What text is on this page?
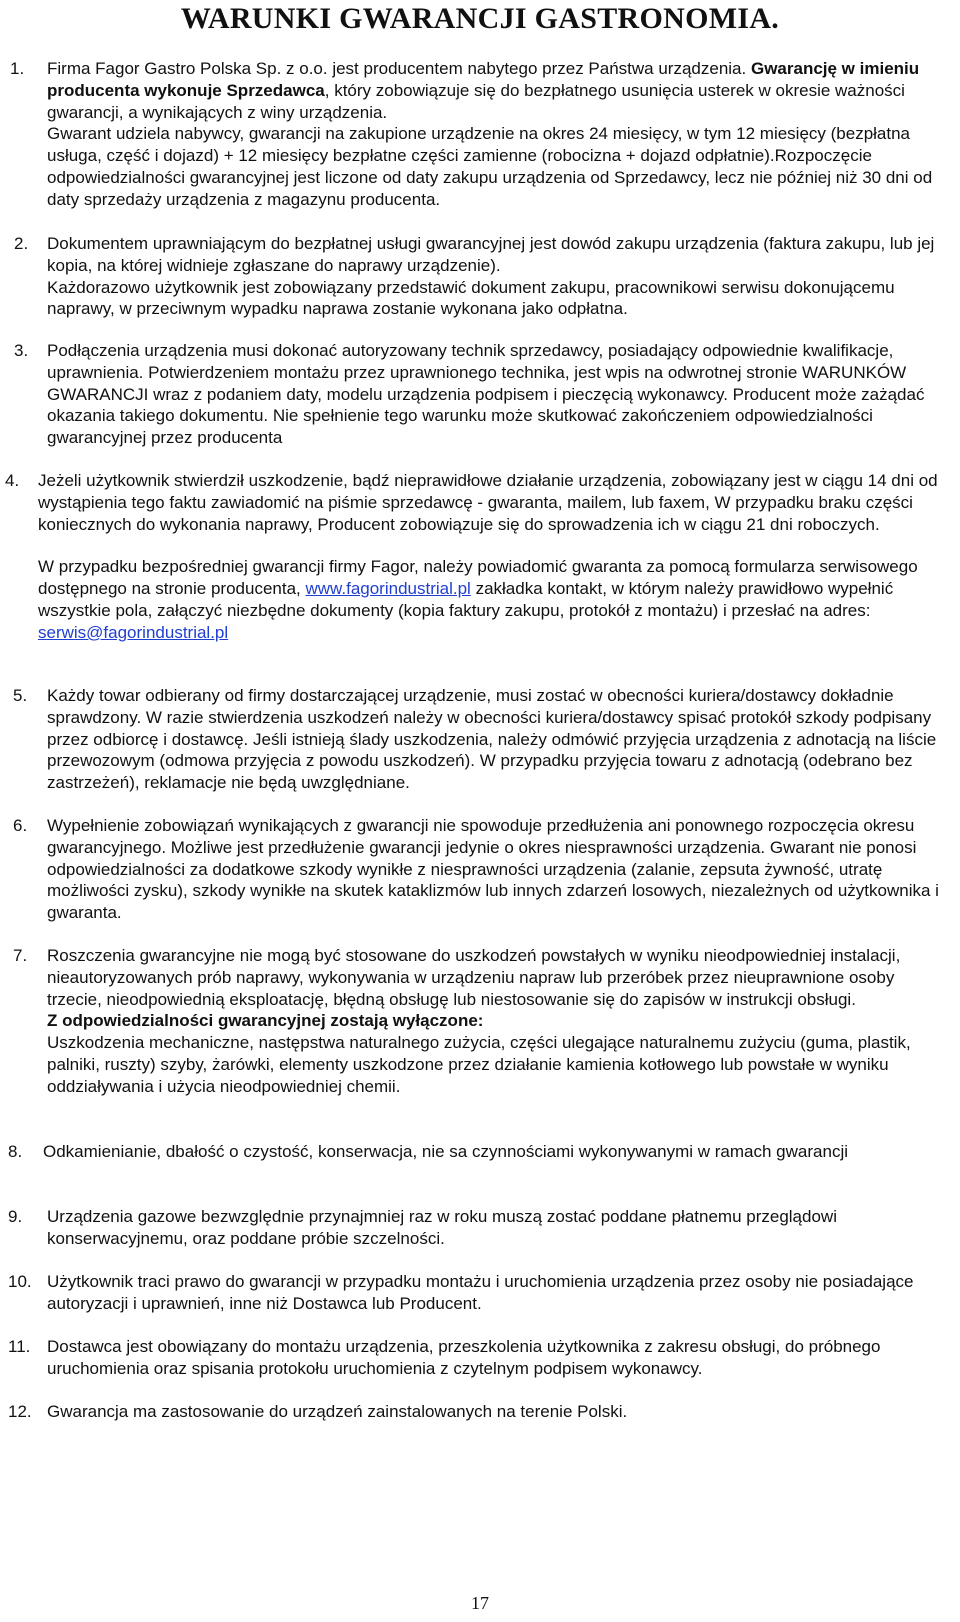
WARUNKI GWARANCJI GASTRONOMIA.
1. Firma Fagor Gastro Polska Sp. z o.o. jest producentem nabytego przez Państwa urządzenia. Gwarancję w imieniu producenta wykonuje Sprzedawca, który zobowiązuje się do bezpłatnego usunięcia usterek w okresie ważności gwarancji, a wynikających z winy urządzenia.

Gwarant udziela nabywcy, gwarancji na zakupione urządzenie na okres 24 miesięcy, w tym 12 miesięcy (bezpłatna usługa, część i dojazd) + 12 miesięcy bezpłatne części zamienne (robocizna + dojazd odpłatnie).Rozpoczęcie odpowiedzialności gwarancyjnej jest liczone od daty zakupu urządzenia od Sprzedawcy, lecz nie później niż 30 dni od daty sprzedaży urządzenia z magazynu producenta.

2. Dokumentem uprawniającym do bezpłatnej usługi gwarancyjnej jest dowód zakupu urządzenia (faktura zakupu, lub jej kopia, na której widnieje zgłaszane do naprawy urządzenie).

Każdorazowo użytkownik jest zobowiązany przedstawić dokument zakupu, pracownikowi serwisu dokonującemu naprawy, w przeciwnym wypadku naprawa zostanie wykonana jako odpłatna.

3. Podłączenia urządzenia musi dokonać autoryzowany technik sprzedawcy, posiadający odpowiednie kwalifikacje, uprawnienia. Potwierdzeniem montażu przez uprawnionego technika, jest wpis na odwrotnej stronie WARUNKÓW GWARANCJI wraz z podaniem daty, modelu urządzenia podpisem i pieczęcią wykonawcy. Producent może zażądać okazania takiego dokumentu. Nie spełnienie tego warunku może skutkować zakończeniem odpowiedzialności gwarancyjnej przez producenta

4. Jeżeli użytkownik stwierdził uszkodzenie, bądź nieprawidłowe działanie urządzenia, zobowiązany jest w ciągu 14 dni od wystąpienia tego faktu zawiadomić na piśmie sprzedawcę - gwaranta, mailem, lub faxem, W przypadku braku części koniecznych do wykonania naprawy, Producent zobowiązuje się do sprowadzenia ich w ciągu 21 dni roboczych.

W przypadku bezpośredniej gwarancji firmy Fagor, należy powiadomić gwaranta za pomocą formularza serwisowego dostępnego na stronie producenta, www.fagorindustrial.pl zakładka kontakt, w którym należy prawidłowo wypełnić wszystkie pola, załączyć niezbędne dokumenty (kopia faktury zakupu, protokół z montażu) i przesłać na adres: serwis@fagorindustrial.pl

5. Każdy towar odbierany od firmy dostarczającej urządzenie, musi zostać w obecności kuriera/dostawcy dokładnie sprawdzony. W razie stwierdzenia uszkodzeń należy w obecności kuriera/dostawcy spisać protokół szkody podpisany przez odbiorcę i dostawcę. Jeśli istnieją ślady uszkodzenia, należy odmówić przyjęcia urządzenia z adnotacją na liście przewozowym (odmowa przyjęcia z powodu uszkodzeń). W przypadku przyjęcia towaru z adnotacją (odebrano bez zastrzeżeń), reklamacje nie będą uwzględniane.

6. Wypełnienie zobowiązań wynikających z gwarancji nie spowoduje przedłużenia ani ponownego rozpoczęcia okresu gwarancyjnego. Możliwe jest przedłużenie gwarancji jedynie o okres niesprawności urządzenia. Gwarant nie ponosi odpowiedzialności za dodatkowe szkody wynikłe z niesprawności urządzenia (zalanie, zepsuta żywność, utratę możliwości zysku), szkody wynikłe na skutek kataklizmów lub innych zdarzeń losowych, niezależnych od użytkownika i gwaranta.

7. Roszczenia gwarancyjne nie mogą być stosowane do uszkodzeń powstałych w wyniku nieodpowiedniej instalacji, nieautoryzowanych prób naprawy, wykonywania w urządzeniu napraw lub przeróbek przez nieuprawnione osoby trzecie, nieodpowiednią eksploatację, błędną obsługę lub niestosowanie się do zapisów w instrukcji obsługi.

Z odpowiedzialności gwarancyjnej zostają wyłączone:

Uszkodzenia mechaniczne, następstwa naturalnego zużycia, części ulegające naturalnemu zużyciu (guma, plastik, palniki, ruszty) szyby, żarówki, elementy uszkodzone przez działanie kamienia kotłowego lub powstałe w wyniku oddziaływania i użycia nieodpowiedniej chemii.

8. Odkamienianie, dbałość o czystość, konserwacja, nie sa czynnościami wykonywanymi w ramach gwarancji

9. Urządzenia gazowe bezwzględnie przynajmniej raz w roku muszą zostać poddane płatnemu przeglądowi konserwacyjnemu, oraz poddane próbie szczelności.

10. Użytkownik traci prawo do gwarancji w przypadku montażu i uruchomienia urządzenia przez osoby nie posiadające autoryzacji i uprawnień, inne niż Dostawca lub Producent.

11. Dostawca jest obowiązany do montażu urządzenia, przeszkolenia użytkownika z zakresu obsługi, do próbnego uruchomienia oraz spisania protokołu uruchomienia z czytelnym podpisem wykonawcy.

12. Gwarancja ma zastosowanie do urządzeń zainstalowanych na terenie Polski.

17
